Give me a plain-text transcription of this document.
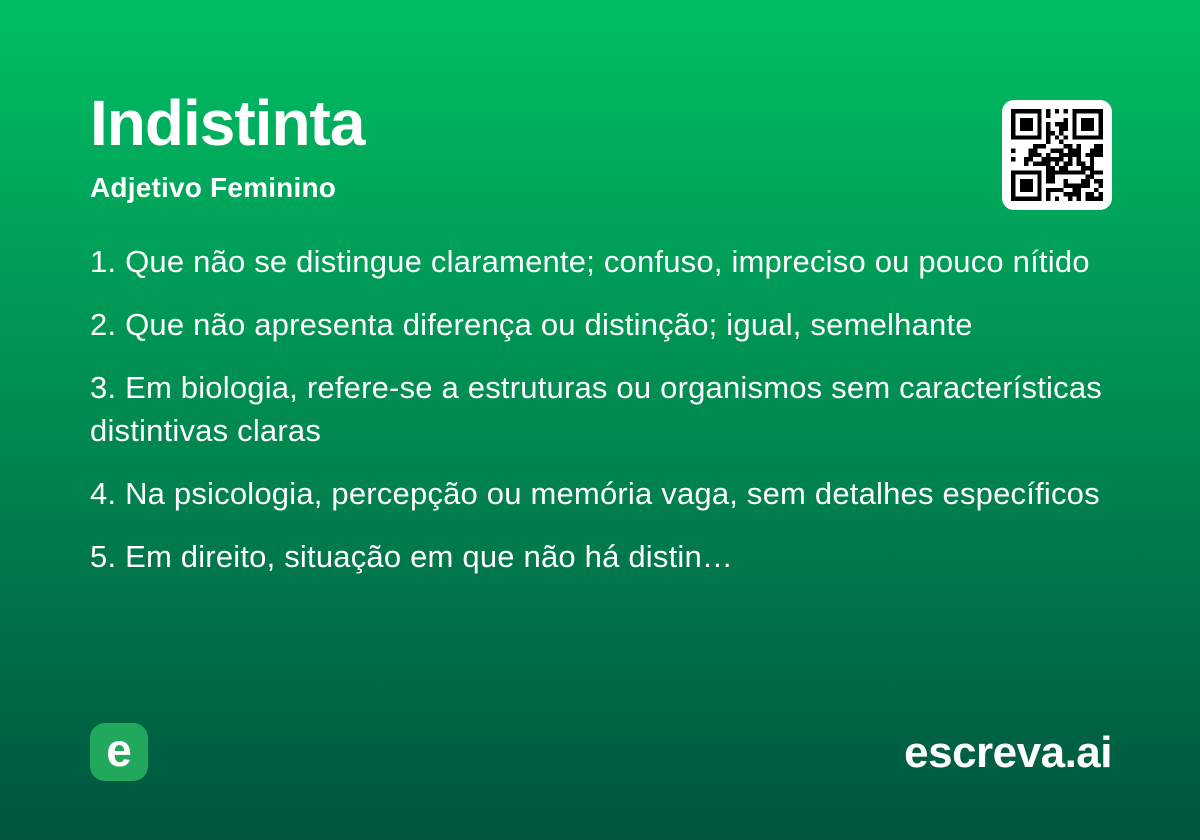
Indistinta
Adjetivo Feminino
1. Que não se distingue claramente; confuso, impreciso ou pouco nítido
2. Que não apresenta diferença ou distinção; igual, semelhante
3. Em biologia, refere-se a estruturas ou organismos sem características distintivas claras
4. Na psicologia, percepção ou memória vaga, sem detalhes específicos
5. Em direito, situação em que não há distin…
e	escreva.ai
